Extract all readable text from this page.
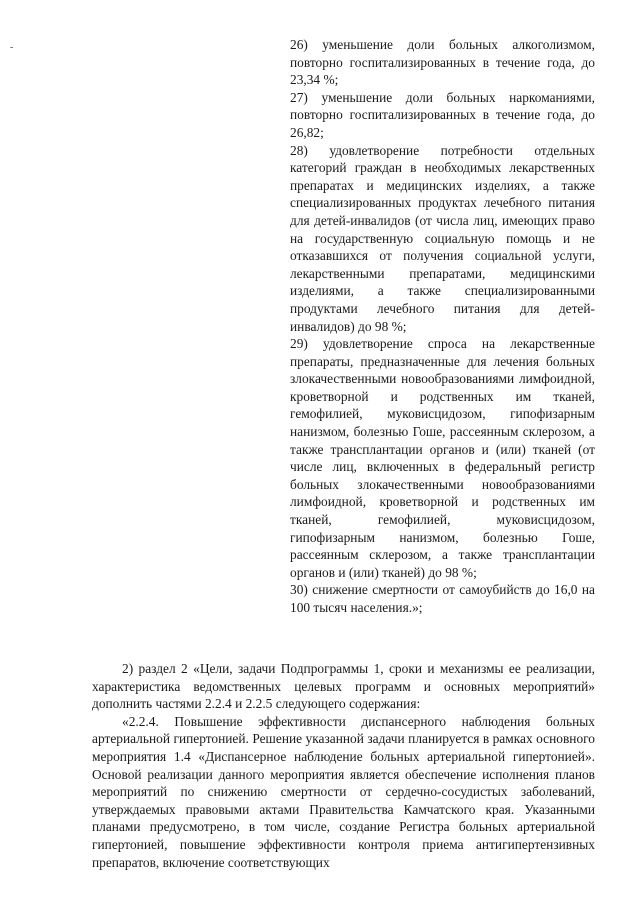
-	26) уменьшение доли больных алкоголизмом, повторно госпитализированных в течение года, до 23,34 %;

27) уменьшение доли больных наркоманиями, повторно госпитализированных в течение года, до 26,82;

28) удовлетворение потребности отдельных категорий граждан в необходимых лекарственных препаратах и медицинских изделиях, а также специализированных продуктах лечебного питания для детей-инвалидов (от числа лиц, имеющих право на государственную социальную помощь и не отказавшихся от получения социальной услуги, лекарственными препаратами, медицинскими изделиями, а также специализированными продуктами лечебного питания для детей-инвалидов) до 98 %;

29) удовлетворение спроса на лекарственные препараты, предназначенные для лечения больных злокачественными новообразованиями лимфоидной, кроветворной и родственных им тканей, гемофилией, муковисцидозом, гипофизарным нанизмом, болезнью Гоше, рассеянным склерозом, а также трансплантации органов и (или) тканей (от числе лиц, включенных в федеральный регистр больных злокачественными новообразованиями лимфоидной, кроветворной и родственных им тканей, гемофилией, муковисцидозом, гипофизарным нанизмом, болезнью Гоше, рассеянным склерозом, а также трансплантации органов и (или) тканей) до 98 %;

30) снижение смертности от самоубийств до 16,0 на 100 тысяч населения.»;

2) раздел 2 «Цели, задачи Подпрограммы 1, сроки и механизмы ее реализации, характеристика ведомственных целевых программ и основных мероприятий» дополнить частями 2.2.4 и 2.2.5 следующего содержания:

«2.2.4. Повышение эффективности диспансерного наблюдения больных артериальной гипертонией. Решение указанной задачи планируется в рамках основного мероприятия 1.4 «Диспансерное наблюдение больных артериальной гипертонией». Основой реализации данного мероприятия является обеспечение исполнения планов мероприятий по снижению смертности от сердечно-сосудистых заболеваний, утверждаемых правовыми актами Правительства Камчатского края. Указанными планами предусмотрено, в том числе, создание Регистра больных артериальной гипертонией, повышение эффективности контроля приема антигипертензивных препаратов, включение соответствующих
